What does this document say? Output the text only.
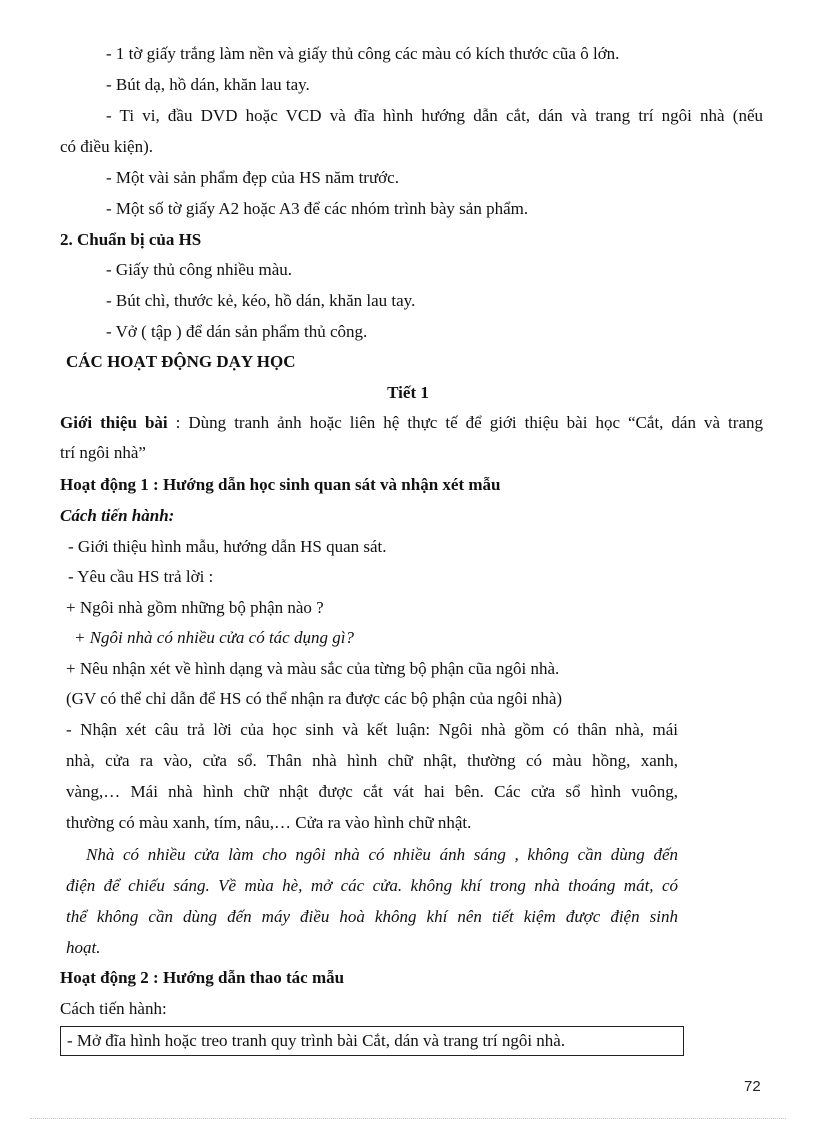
- 1 tờ giấy trắng làm nền và giấy thủ công các màu có kích thước cũa ô lớn.
- Bút dạ, hồ dán, khăn lau tay.
- Ti vi, đầu DVD hoặc VCD và đĩa hình hướng dẫn cắt, dán và trang trí ngôi nhà (nếu
có điều kiện).
- Một vài sản phẩm đẹp của HS năm trước.
- Một số tờ giấy A2 hoặc A3 để các nhóm trình bày sản phẩm.
2. Chuẩn bị của HS
- Giấy thủ công nhiều màu.
- Bút chì, thước kẻ, kéo, hồ dán, khăn lau tay.
- Vở ( tập ) để dán sản phẩm thủ công.
CÁC HOẠT ĐỘNG DẠY HỌC
Tiết 1
Giới thiệu bài : Dùng tranh ảnh hoặc liên hệ thực tế để giới thiệu bài học “Cắt, dán và trang
trí ngôi nhà”
Hoạt động 1 : Hướng dẫn học sinh quan sát và nhận xét mẫu
Cách tiến hành:
- Giới thiệu hình mẫu, hướng dẫn HS quan sát.
- Yêu cầu HS trả lời :
+ Ngôi nhà gồm những bộ phận nào ?
+ Ngôi nhà có nhiều cửa có tác dụng gì?
+ Nêu nhận xét về hình dạng và màu sắc của từng bộ phận cũa ngôi nhà.
(GV có thể chỉ dẫn để HS có thể nhận ra được các bộ phận của ngôi nhà)
- Nhận xét câu trả lời của học sinh và kết luận: Ngôi nhà gồm có thân nhà, mái
nhà, cửa ra vào, cửa sổ. Thân nhà hình chữ nhật, thường có màu hồng, xanh,
vàng,… Mái nhà hình chữ nhật được cắt vát hai bên. Các cửa sổ hình vuông,
thường có màu xanh, tím, nâu,… Cửa ra vào hình chữ nhật.
Nhà có nhiều cửa làm cho ngôi nhà có nhiều ánh sáng , không cần dùng đến
điện để chiếu sáng. Về mùa hè, mở các cửa. không khí trong nhà thoáng mát, có
thể không cần dùng đến máy điều hoà không khí nên tiết kiệm được điện sinh
hoạt.
Hoạt động 2 : Hướng dẫn thao tác mẫu
Cách tiến hành:
- Mở đĩa hình hoặc treo tranh quy trình bài Cắt, dán và trang trí ngôi nhà.
72
